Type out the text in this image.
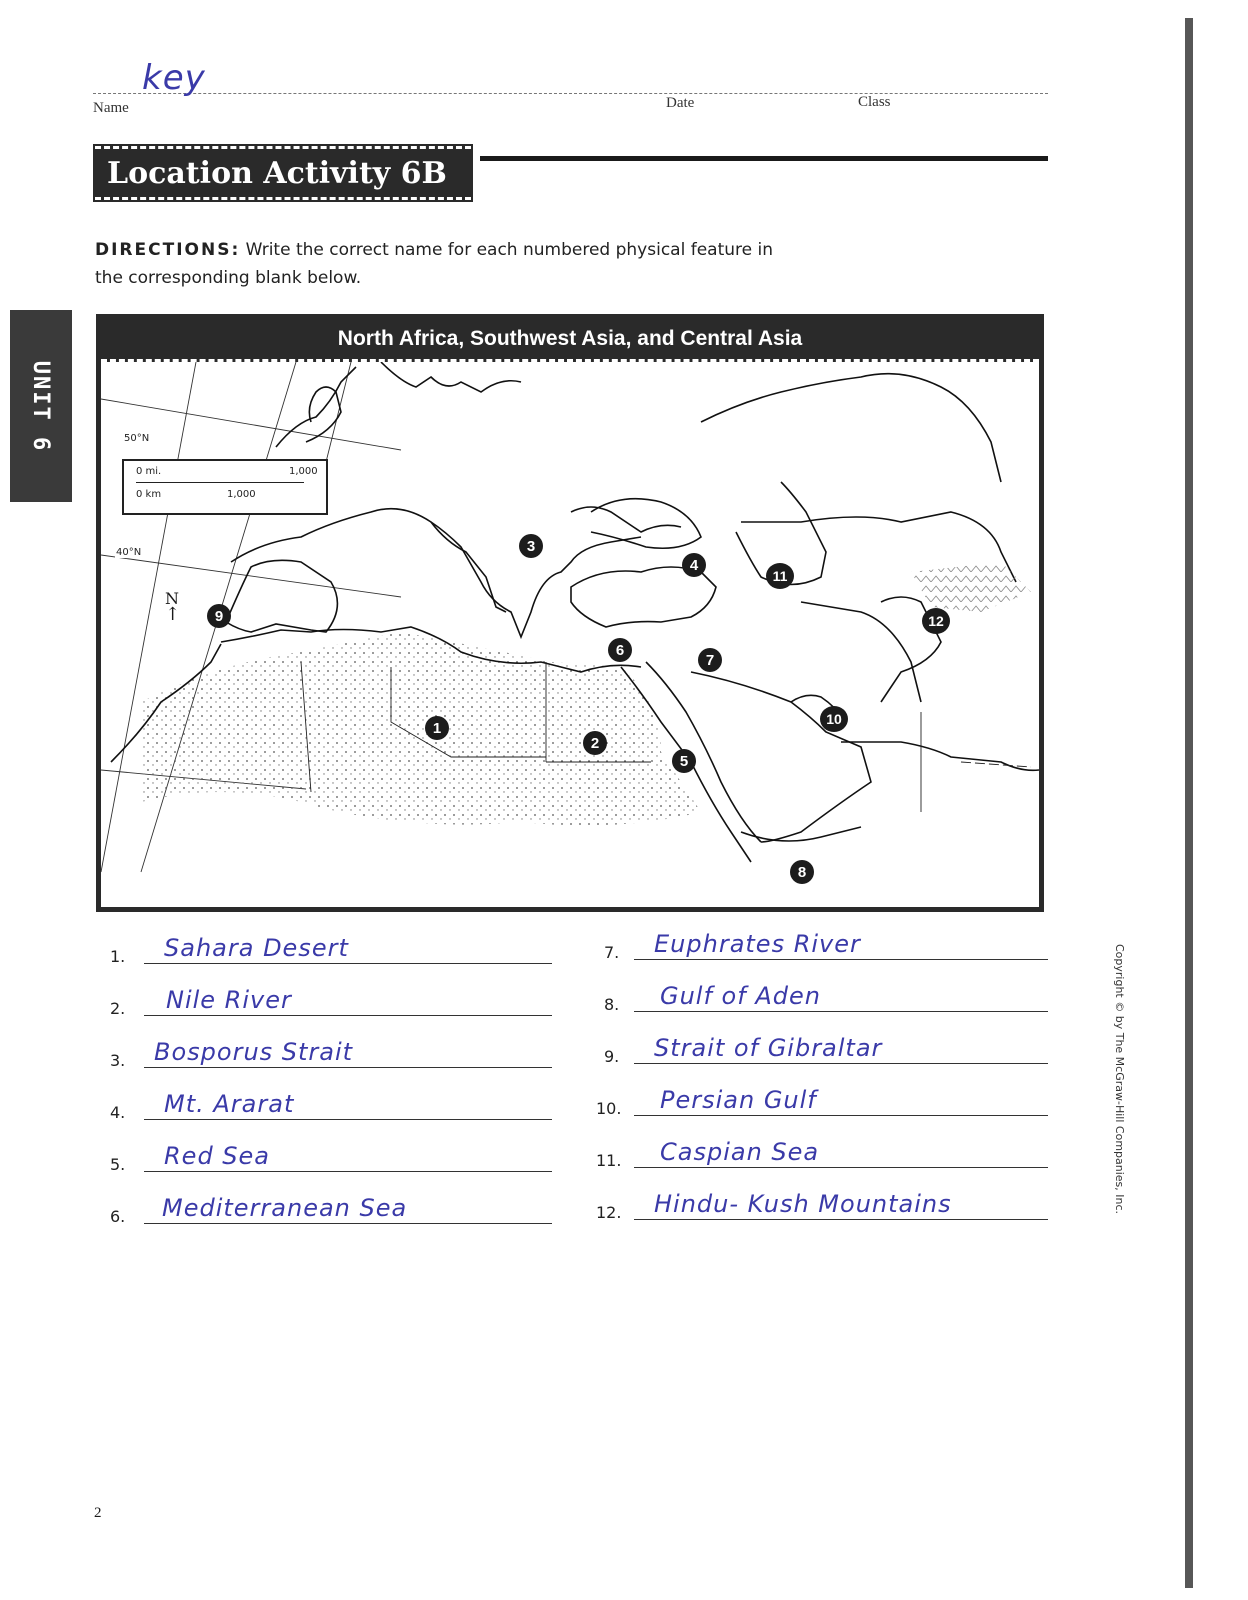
Name
key
Date	Class
Location Activity 6B
DIRECTIONS: Write the correct name for each numbered physical feature in the corresponding blank below.
UNIT 6
North Africa, Southwest Asia, and Central Asia
50°N
40°N
0 mi.	1,000
0 km	1,000
N
↑
1
2
3
4
5
6
7
8
9
10
11
12
1. Sahara Desert
2. Nile River
3. Bosporus Strait
4. Mt. Ararat
5. Red Sea
6. Mediterranean Sea
7. Euphrates River
8. Gulf of Aden
9. Strait of Gibraltar
10. Persian Gulf
11. Caspian Sea
12. Hindu- Kush Mountains	Copyright © by The McGraw-Hill Companies, Inc.
2
